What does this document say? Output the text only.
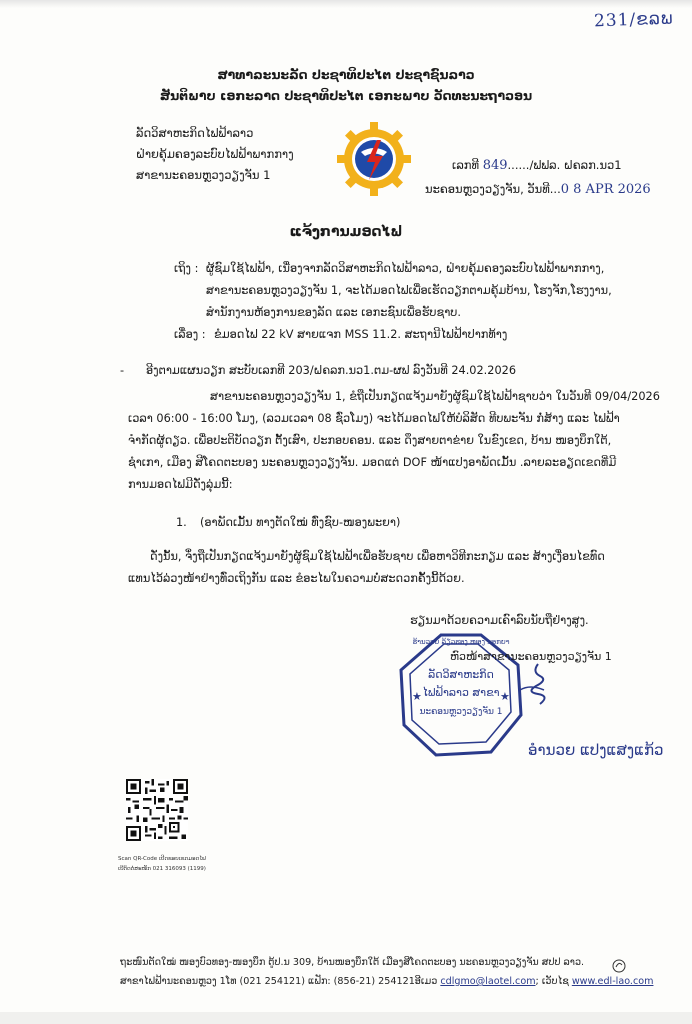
231/ຂລພ
ສາທາລະນະລັດ ປະຊາທິປະໄຕ ປະຊາຊົນລາວ
ສັນຕິພາບ ເອກະລາດ ປະຊາທິປະໄຕ ເອກະພາບ ວັດທະນະຖາວອນ
ລັດວິສາຫະກິດໄຟຟ້າລາວ
ຝ່າຍຄຸ້ມຄອງລະບົບໄຟຟ້າພາກກາງ
ສາຂານະຄອນຫຼວງວຽງຈັນ 1
ເລກທີ 849....../ຟຟລ. ຝຄລກ.ນວ1
ນະຄອນຫຼວງວຽງຈັນ, ວັນທີ...0 8 APR 2026
ແຈ້ງການມອດໄຟ
ເຖິງ : ຜູ້ຊົມໃຊ້ໄຟຟ້າ, ເນື່ອງຈາກລັດວິສາຫະກິດໄຟຟ້າລາວ, ຝ່າຍຄຸ້ມຄອງລະບົບໄຟຟ້າພາກກາງ,
ສາຂານະຄອນຫຼວງວຽງຈັນ 1, ຈະໄດ້ມອດໄຟເພື່ອເຮັດວຽກຕາມຄຸ້ມບ້ານ, ໂຮງຈັກ,ໂຮງງານ,
ສຳນັກງານຫ້ອງການຂອງລັດ ແລະ ເອກະຊົນເພື່ອຮັບຊາບ.
ເລື່ອງ : ຂໍມອດໄຟ 22 kV ສາຍແຈກ MSS 11.2. ສະຖານີໄຟຟ້າປາກທ້າງ
- ອີງຕາມແຜນວຽກ ສະບັບເລກທີ 203/ຝຄລກ.ນວ1.ຕມ-ຜຟ ລົງວັນທີ 24.02.2026
ສາຂານະຄອນຫຼວງວຽງຈັນ 1, ຂໍຖືເປັນກຽດແຈ້ງມາຍັງຜູ້ຊົມໃຊ້ໄຟຟ້າຊາບວ່າ ໃນວັນທີ 09/04/2026
ເວລາ 06:00 - 16:00 ໂມງ, (ລວມເວລາ 08 ຊົ່ວໂມງ) ຈະໄດ້ມອດໄຟໃຫ້ບໍລິສັດ ທີບພະຈັນ ກໍ່ສ້າງ ແລະ ໄຟຟ້າ
ຈຳກັດຜູ້ດຽວ. ເພື່ອປະຕິບັດວຽກ ຕັ້ງເສົາ, ປະກອບຄອນ. ແລະ ດຶງສາຍຕາຂ່າຍ ໃນຂົງເຂດ, ບ້ານ ໜອງບຶກໃຕ້,
ຊຳເກາ, ເມືອງ ສີໂຄດຕະບອງ ນະຄອນຫຼວງວຽງຈັນ. ມອດແຕ່ DOF ໜ້າແປງອາພັດເມັ້ນ .ລາຍລະອຽດເຂດທີ່ມີ
ການມອດໄຟມີດັ່ງລຸ່ມນີ້:
1. (ອາພັດເມັ້ນ ທາງຕັດໃໝ່ ທົ່ງຊົບ-ໜອງພະຍາ)
ດັ່ງນັ້ນ, ຈຶ່ງຖືເປັນກຽດແຈ້ງມາຍັງຜູ້ຊົມໃຊ້ໄຟຟ້າເພື່ອຮັບຊາບ ເພື່ອຫາວິທີກະກຽມ ແລະ ສ້າງເງື່ອນໄຂທົດ
ແທນໄວ້ລ່ວງໜ້າຢ່າງທົ່ວເຖິງກັນ ແລະ ຂໍອະໄພໃນຄວາມບໍ່ສະດວກຄັ້ງນີ້ດ້ວຍ.
ຮຽນມາດ້ວຍຄວາມເຄົາລົບນັບຖືຢ່າງສູງ.
★	★
ຮ້ານວອຍ ລ້ຽວຮອງ ໜອງ ນອກຍາ
ລັດວິສາຫະກິດ
ໄຟຟ້າລາວ ສາຂາ
ນະຄອນຫຼວງວຽງຈັນ 1
ຫົວໜ້າສາຂານະຄອນຫຼວງວຽງຈັນ 1
ອຳນວຍ ແປງແສງແກ້ວ
Scan QR-Code ເປີດຂອບເຂດມອດໄຟ
ເບີຕິດຕໍ່ສະໜັກ 021 316093 (1199)
ຖະໜົນຕັດໃໝ່ ໜອງບົວທອງ-ໜອງບຶກ ຕູ້ປ.ນ 309, ບ້ານໜອງບຶກໃຕ້ ເມືອງສີໂຄດຕະບອງ ນະຄອນຫຼວງວຽງຈັນ ສປປ ລາວ.
ສາຂາໄຟຟ້ານະຄອນຫຼວງ 1ໂທ (021 254121) ແຟັກ: (856-21) 254121ອີເມວ cdlgmo@laotel.com; ເວັບໄຊ www.edl-lao.com
